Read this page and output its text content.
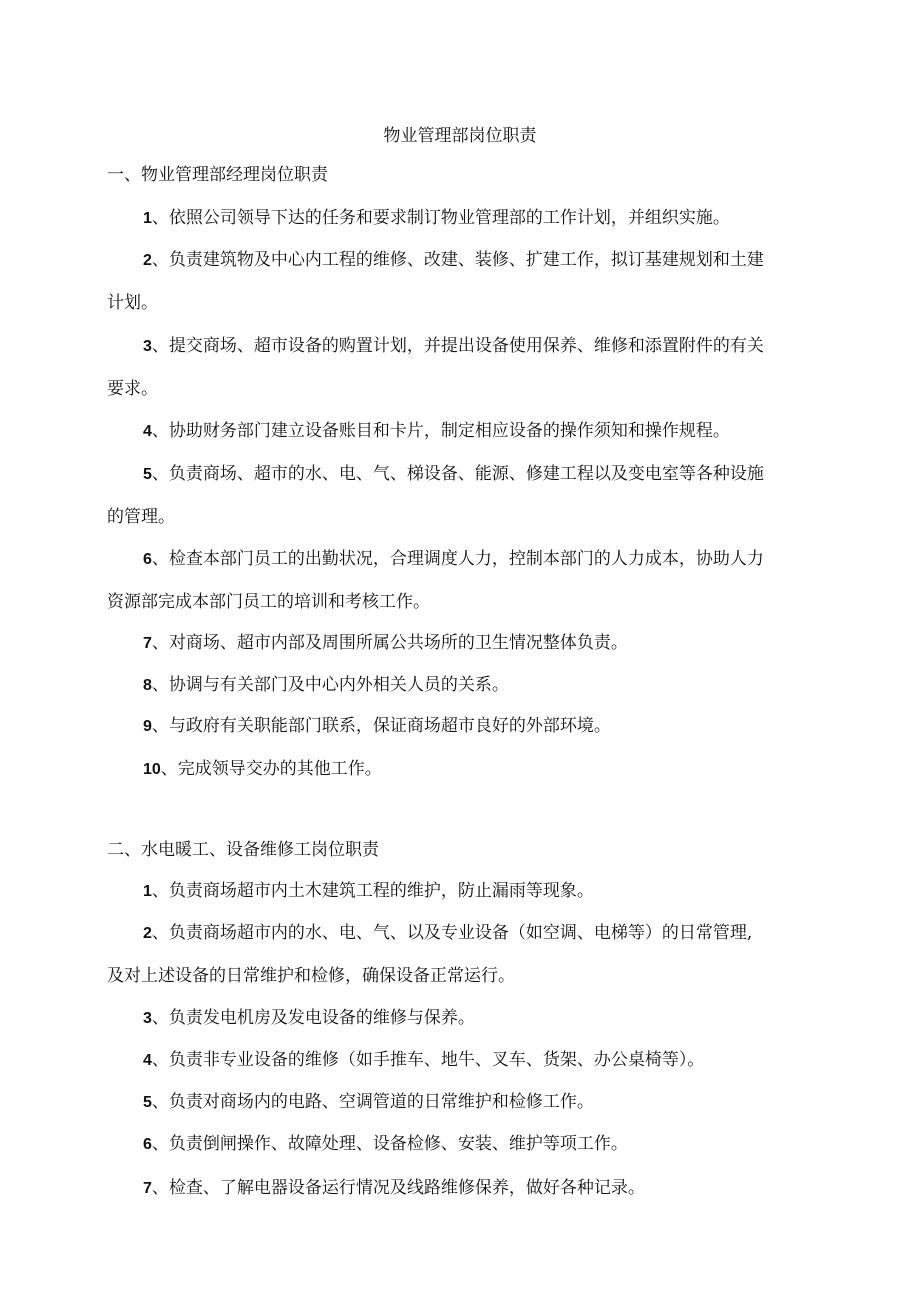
物业管理部岗位职责
一、物业管理部经理岗位职责
1、依照公司领导下达的任务和要求制订物业管理部的工作计划，并组织实施。
2、负责建筑物及中心内工程的维修、改建、装修、扩建工作，拟订基建规划和土建
计划。
3、提交商场、超市设备的购置计划，并提出设备使用保养、维修和添置附件的有关
要求。
4、协助财务部门建立设备账目和卡片，制定相应设备的操作须知和操作规程。
5、负责商场、超市的水、电、气、梯设备、能源、修建工程以及变电室等各种设施
的管理。
6、检查本部门员工的出勤状况，合理调度人力，控制本部门的人力成本，协助人力
资源部完成本部门员工的培训和考核工作。
7、对商场、超市内部及周围所属公共场所的卫生情况整体负责。
8、协调与有关部门及中心内外相关人员的关系。
9、与政府有关职能部门联系，保证商场超市良好的外部环境。
10、完成领导交办的其他工作。
二、水电暖工、设备维修工岗位职责
1、负责商场超市内土木建筑工程的维护，防止漏雨等现象。
2、负责商场超市内的水、电、气、以及专业设备（如空调、电梯等）的日常管理,
及对上述设备的日常维护和检修，确保设备正常运行。
3、负责发电机房及发电设备的维修与保养。
4、负责非专业设备的维修（如手推车、地牛、叉车、货架、办公桌椅等）。
5、负责对商场内的电路、空调管道的日常维护和检修工作。
6、负责倒闸操作、故障处理、设备检修、安装、维护等项工作。
7、检查、了解电器设备运行情况及线路维修保养，做好各种记录。
